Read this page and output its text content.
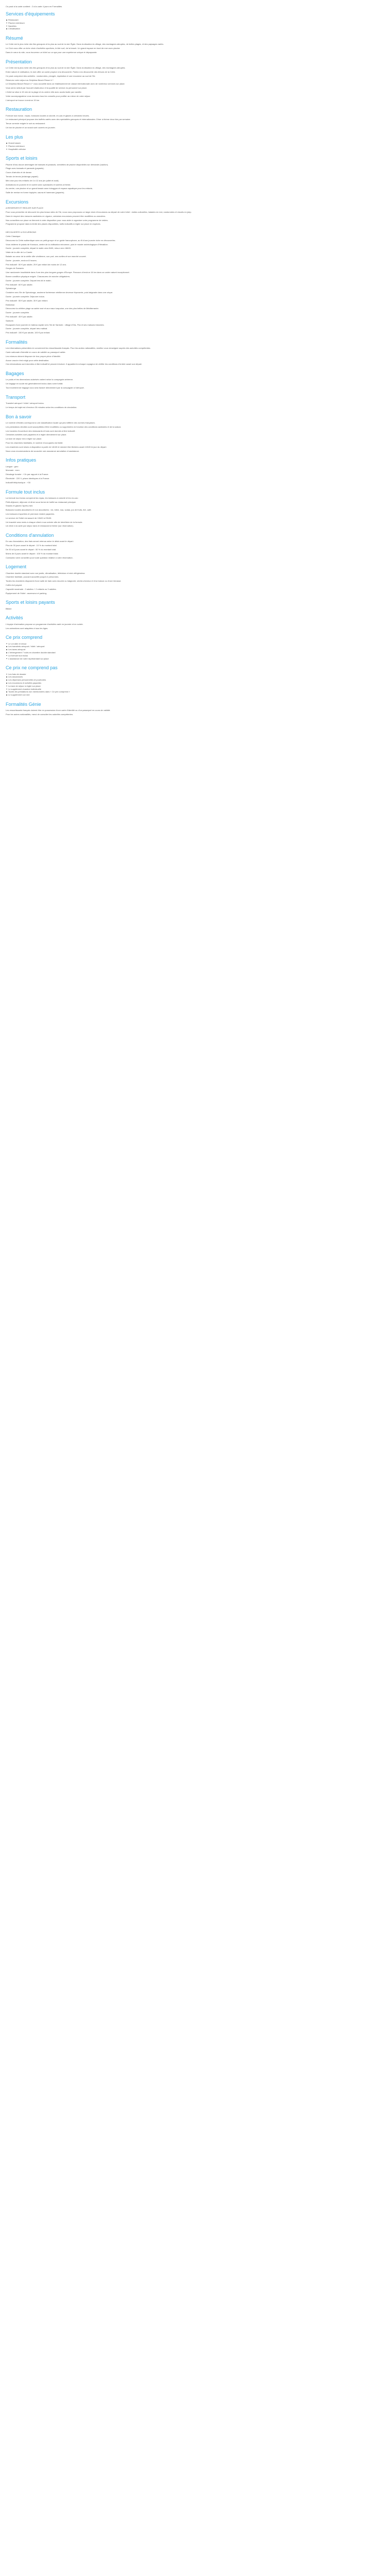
Ce pack à la carte contient : 2 à la carte 4 jours en Formalités

Services d'équipements
Restaurant
Piscine extérieure
Navettes
Climatisation
Résumé

Le Crète est le plus riche des îles grecques et la plus au sud de la mer Égée. Dans la situation du village, des montagnes abruptes, de belles plages, et des paysages variés.

Le Club vous offre un riche choix d'activités sportives, le kite surf, de la beach. Un grand espace en bord de mer avec piscine.

Dans le cœur du site, vous trouverez un hôtel ou un spa pour une expérience unique et dépaysante.

Présentation

Le Crète est la plus riche des îles grecques et la plus au sud de la mer Égée. Dans la situation du village, des montagnes abruptes.

Entre nature et civilisation, le club offre un cadre propice à la découverte. Partez à la découverte des trésors de la Crète.

Ce pack comprend des activités : randonnées, plongée, équitation et une excursion au sud de l'île.

Réservez votre séjour au Delphina Beach Resort 4 *

Le Delphina Beach Resort 4 * vous accueille dans un établissement de classe internationale avec de nombreux services sur place.

Vous serez séduit par l'accueil chaleureux et la qualité de service du personnel sur place.

L'hôtel se situe à 15 min de la plage et du centre ville avec accès facile par navette.

Votre accompagnateur vous donnera tous les conseils pour profiter au mieux de votre séjour.

L'aéroport se trouve à environ 15 km

Restauration

Formule tout inclus : repas, boissons locales à volonté, en-cas et glaces à certaines heures.

Le restaurant principal propose des buffets variés avec des spécialités grecques et internationales. Dîner à thème deux fois par semaine.

Tenue correcte exigée le soir au restaurant.

Un bar de piscine et un snack sont ouverts en journée.

Les plus
Grand bassin
Piscine extérieure
Hospitalité crétoise
Sports et loisirs

Piscine d'eau douce aménagée de transats et parasols, serviettes de piscine disponibles sur demande (caution).

Plage avec transats et parasols (payants).

Cours d'aérobic et de danse.

Terrain de tennis (éclairage payant).

Mini club pour les enfants de 4 à 12 ans (en juillet et août).

Animations en journée et en soirée avec spectacles et soirées à thème.

Au centre, une piscine et un grand bassin avec toboggan et espace aquatique pour les enfants.

Salle de remise en forme équipée, sauna et hammam (payants).

Excursions

A RESERVER ET REGLER SUR PLACE

Pour vous permettre de découvrir les plus beaux sites de l'île, nous vous proposons un large choix d'excursions au départ de votre hôtel : visites culturelles, balades en mer, randonnées et circuits en jeep.

Dans le respect des mesures sanitaires en vigueur, certaines excursions peuvent être modifiées ou annulées.

Nos conseillers sur place se tiennent à votre disposition pour vous aider à organiser votre programme de visites.

Programme proposé dans la limite des places disponibles, tarifs indicatifs à régler sur place en espèces.

DÉCOUVERTE & EXCURSIONS

Crète Classique

Découvrez la Crète authentique avec un petit groupe et un guide francophone, au fil d'une journée riche en découvertes.

Vous visiterez le palais de Knossos, centre de la civilisation minoenne, puis le musée archéologique d'Héraklion.

Durée : journée complète, départ le matin vers 8h00, retour vers 18h00.

Visite de la ville de La Canée

Balade au cœur de la vieille ville vénitienne, son port, ses ruelles et son marché couvert.

Durée : journée, environ 8 heures.

Prix indicatif : 50 € par adulte, 25 € par enfant de moins de 12 ans.

Gorges de Samaria

Une randonnée inoubliable dans l'une des plus longues gorges d'Europe. Parcours d'environ 16 km dans un cadre naturel exceptionnel.

Bonne condition physique exigée. Chaussures de marche obligatoires.

Durée : journée complète. Départ très tôt le matin.

Prix indicatif : 60 € par adulte.

Spinalonga

Croisière vers l'île de Spinalonga, ancienne forteresse vénitienne devenue léproserie, puis baignade dans une crique.

Durée : journée complète. Déjeuner inclus.

Prix indicatif : 55 € par adulte, 30 € par enfant.

Elafonissi

Découvrez la célèbre plage au sable rosé et aux eaux turquoise, une des plus belles de Méditerranée.

Durée : journée complète.

Prix indicatif : 45 € par adulte.

Santorin

Escapade d'une journée en bateau rapide vers l'île de Santorin : village d'Oia, Fira et ses maisons blanches.

Durée : journée complète, départ très matinal.

Prix indicatif : 150 € par adulte, 100 € par enfant.

Formalités

Les informations présentées ici concernent les ressortissants français. Pour les autres nationalités, veuillez vous renseigner auprès des autorités compétentes.

Carte nationale d'identité en cours de validité ou passeport valide.

Les mineurs doivent disposer de leur propre pièce d'identité.

Aucun vaccin n'est exigé pour cette destination.

Ces informations sont données à titre indicatif et peuvent évoluer. Il appartient à chaque voyageur de vérifier les conditions d'entrée avant son départ.

Bagages

Le poids et les dimensions autorisés varient selon la compagnie aérienne.

Un bagage en soute est généralement inclus dans votre forfait.

Tout excédent de bagage vous sera facturé directement par la compagnie à l'aéroport.

Transport

Transfert aéroport / hôtel / aéroport inclus.

Le temps de trajet est d'environ 30 minutes selon les conditions de circulation.

Bon à savoir

Le nombre d'étoiles correspond à une classification locale qui peut différer des normes françaises.

Les prestations décrites sont susceptibles d'être modifiées ou supprimées en fonction des conditions sanitaires et de la saison.

Les horaires d'ouverture des restaurants et bars sont donnés à titre indicatif.

Certaines activités sont payantes et à régler directement sur place.

La taxe de séjour est à régler sur place.

Pour les chambres familiales, le nombre d'occupants est limité.

Les chambres sont mises à disposition à partir de 14h00 et doivent être libérées avant 12h00 le jour du départ.

Nous vous recommandons de souscrire une assurance annulation et assistance.

Infos pratiques

Langue : grec

Monnaie : euro

Décalage horaire : +1h par rapport à la France.

Électricité : 220 V, prises identiques à la France.

Indicatif téléphonique : +30

Formule tout inclus

La formule tout inclus comprend les repas, les boissons à volonté et les en-cas :

Petit-déjeuner, déjeuner et dîner sous forme de buffet au restaurant principal.

Snacks et glaces l'après-midi.

Boissons locales alcoolisées et non alcoolisées : vin, bière, eau, sodas, jus de fruits, thé, café.

Les boissons importées et premium restent payantes.

Le service de l'hôtel est assuré de 10h00 à 23h00.

Un bracelet sera remis à chaque client à son arrivée afin de bénéficier de la formule.

Un dîner à la carte par séjour dans le restaurant à thème (sur réservation).

Conditions d'annulation

En cas d'annulation, des frais seront retenus selon le délai avant le départ.

Plus de 30 jours avant le départ : 10 % du montant total.

De 30 à 8 jours avant le départ : 50 % du montant total.

Moins de 8 jours avant le départ : 100 % du montant total.

Contactez votre conseiller pour toute question relative à votre réservation.

Logement

Chambre double standard avec vue jardin, climatisation, télévision et mini-réfrigérateur.

Chambre familiale, pouvant accueillir jusqu'à 4 personnes.

Toutes les chambres disposent d'une salle de bain avec douche ou baignoire, sèche-cheveux et d'un balcon ou d'une terrasse.

Coffre-fort payant.

Capacité maximale : 2 adultes + 2 enfants ou 3 adultes.

Équipement de l'hôtel : ascenseur et parking.

Sports et loisirs payants

Billard

Activités

L'équipe d'animation propose un programme d'activités varié en journée et en soirée.

Les animations sont adaptées à tous les âges.

Ce prix comprend
Le vol aller et retour
Les transferts aéroport / hôtel / aéroport
Les taxes aéroport
L'hébergement 7 nuits en chambre double standard
La formule tout inclus
L'assistance de notre représentant sur place
Ce prix ne comprend pas
Les frais de dossier
Les assurances
Les dépenses personnelles et pourboires
Les excursions et activités payantes
La taxe de séjour à régler sur place
Le supplément chambre individuelle
Toutes les prestations non mentionnées dans « Ce prix comprend »
Le supplément vue mer
Formalités Génie

Les ressortissants français doivent être en possession d'une carte d'identité ou d'un passeport en cours de validité.

Pour les autres nationalités, merci de consulter les autorités compétentes.
